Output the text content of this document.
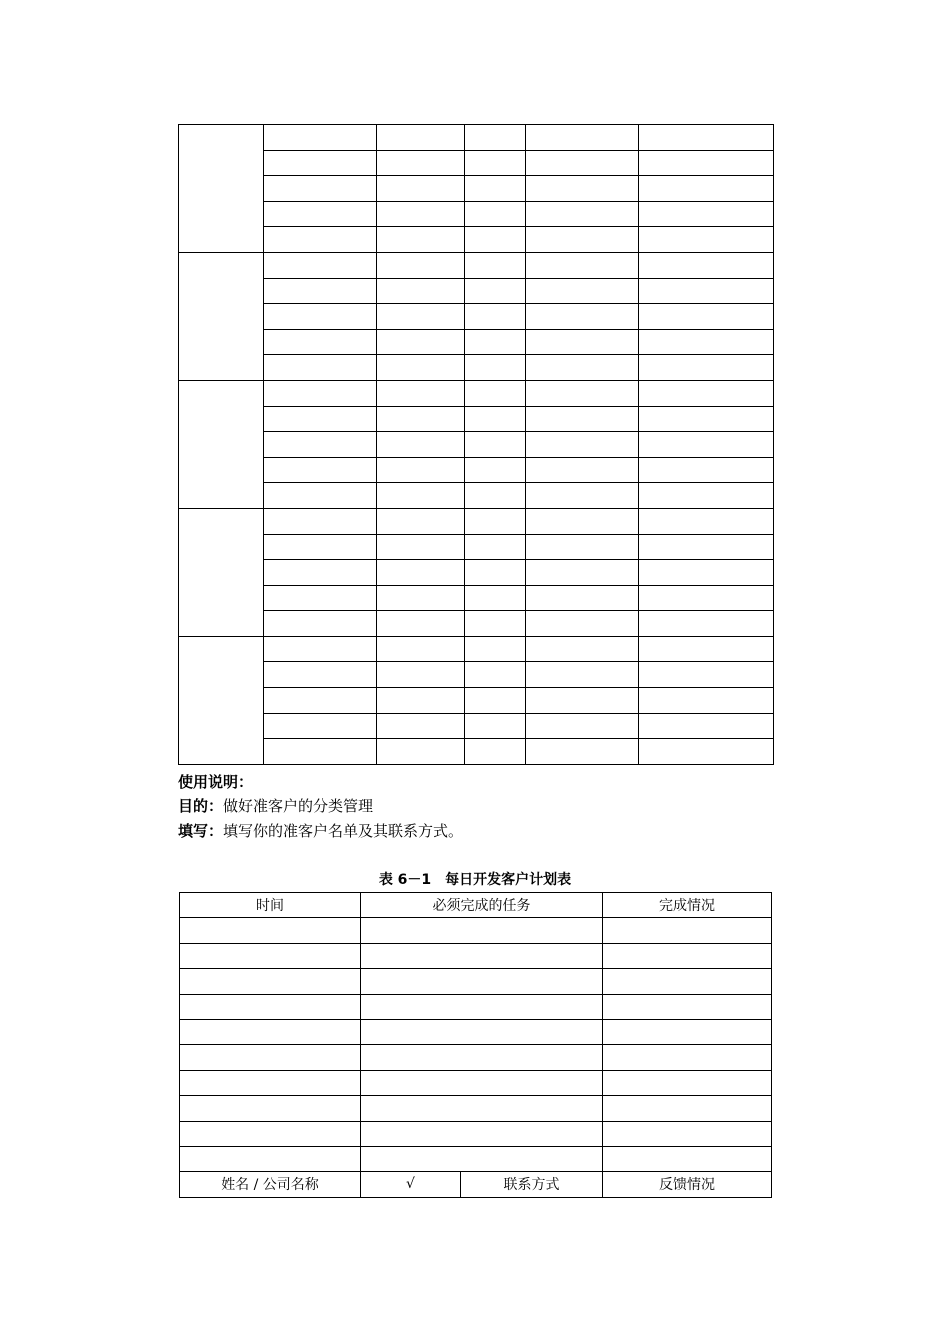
使用说明：
目的：做好准客户的分类管理
填写：填写你的准客户名单及其联系方式。
表 6－1　每日开发客户计划表
时间	必须完成的任务		完成情况

姓名 / 公司名称	√	联系方式	反馈情况
